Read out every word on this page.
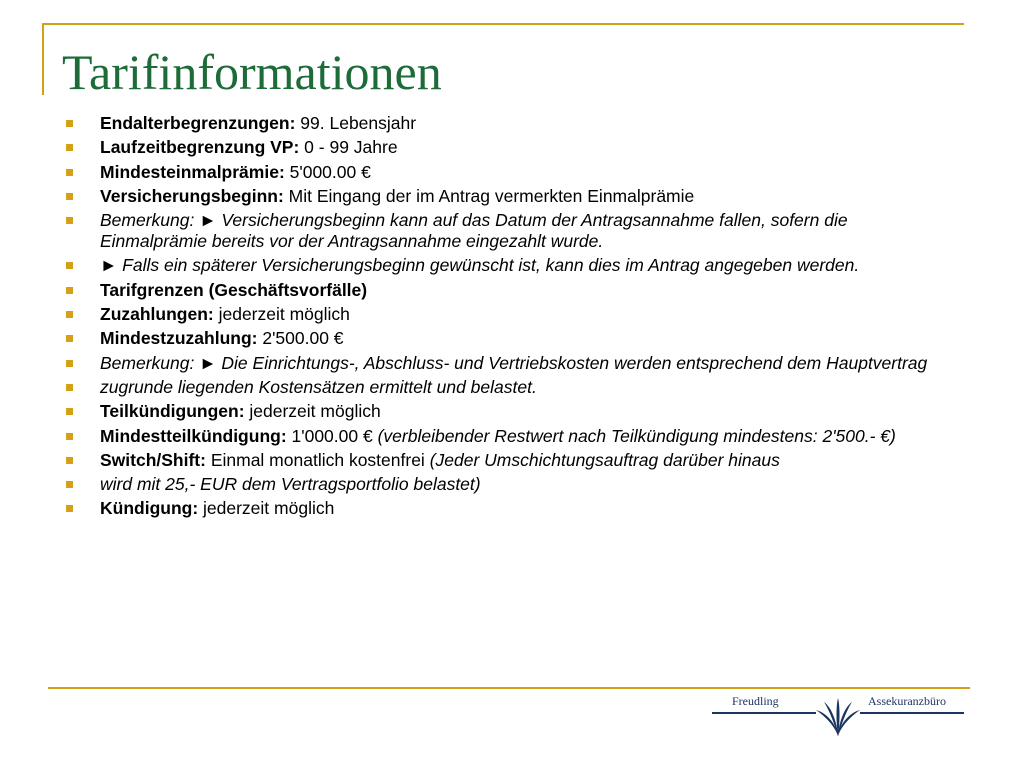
Tarifinformationen
Endalterbegrenzungen: 99. Lebensjahr
Laufzeitbegrenzung VP: 0 - 99 Jahre
Mindesteinmalprämie: 5'000.00 €
Versicherungsbeginn: Mit Eingang der im Antrag vermerkten Einmalprämie
Bemerkung: ► Versicherungsbeginn kann auf das Datum der Antragsannahme fallen, sofern die Einmalprämie bereits vor der Antragsannahme eingezahlt wurde.
► Falls ein späterer Versicherungsbeginn gewünscht ist, kann dies im Antrag angegeben werden.
Tarifgrenzen (Geschäftsvorfälle)
Zuzahlungen: jederzeit möglich
Mindestzuzahlung: 2'500.00 €
Bemerkung: ► Die Einrichtungs-, Abschluss- und Vertriebskosten werden entsprechend dem Hauptvertrag
zugrunde liegenden Kostensätzen ermittelt und belastet.
Teilkündigungen: jederzeit möglich
Mindestteilkündigung: 1'000.00 € (verbleibender Restwert nach Teilkündigung mindestens: 2'500.- €)
Switch/Shift: Einmal monatlich kostenfrei (Jeder Umschichtungsauftrag darüber hinaus
wird mit 25,- EUR dem Vertragsportfolio belastet)
Kündigung: jederzeit möglich
Freudling	Assekuranzbüro
